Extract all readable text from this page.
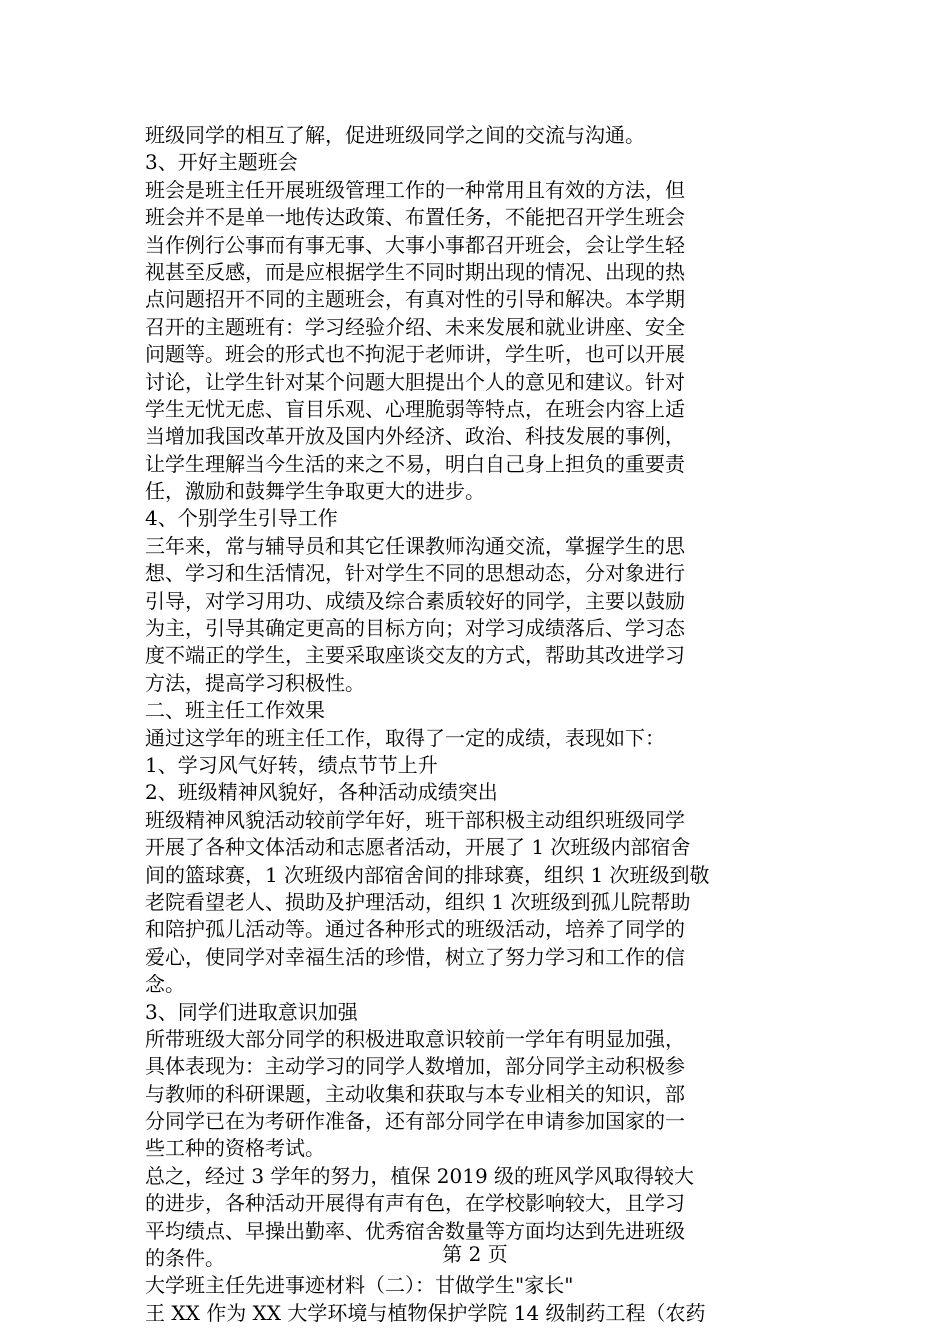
班级同学的相互了解，促进班级同学之间的交流与沟通。
3、开好主题班会
班会是班主任开展班级管理工作的一种常用且有效的方法，但
班会并不是单一地传达政策、布置任务，不能把召开学生班会
当作例行公事而有事无事、大事小事都召开班会，会让学生轻
视甚至反感，而是应根据学生不同时期出现的情况、出现的热
点问题招开不同的主题班会，有真对性的引导和解决。本学期
召开的主题班有：学习经验介绍、未来发展和就业讲座、安全
问题等。班会的形式也不拘泥于老师讲，学生听，也可以开展
讨论，让学生针对某个问题大胆提出个人的意见和建议。针对
学生无忧无虑、盲目乐观、心理脆弱等特点，在班会内容上适
当增加我国改革开放及国内外经济、政治、科技发展的事例，
让学生理解当今生活的来之不易，明白自己身上担负的重要责
任，激励和鼓舞学生争取更大的进步。
4、个别学生引导工作
三年来，常与辅导员和其它任课教师沟通交流，掌握学生的思
想、学习和生活情况，针对学生不同的思想动态，分对象进行
引导，对学习用功、成绩及综合素质较好的同学，主要以鼓励
为主，引导其确定更高的目标方向；对学习成绩落后、学习态
度不端正的学生，主要采取座谈交友的方式，帮助其改进学习
方法，提高学习积极性。
二、班主任工作效果
通过这学年的班主任工作，取得了一定的成绩，表现如下：
1、学习风气好转，绩点节节上升
2、班级精神风貌好，各种活动成绩突出
班级精神风貌活动较前学年好，班干部积极主动组织班级同学
开展了各种文体活动和志愿者活动，开展了 1 次班级内部宿舍
间的篮球赛，1 次班级内部宿舍间的排球赛，组织 1 次班级到敬
老院看望老人、损助及护理活动，组织 1 次班级到孤儿院帮助
和陪护孤儿活动等。通过各种形式的班级活动，培养了同学的
爱心，使同学对幸福生活的珍惜，树立了努力学习和工作的信
念。
3、同学们进取意识加强
所带班级大部分同学的积极进取意识较前一学年有明显加强，
具体表现为：主动学习的同学人数增加，部分同学主动积极参
与教师的科研课题，主动收集和获取与本专业相关的知识，部
分同学已在为考研作准备，还有部分同学在申请参加国家的一
些工种的资格考试。
总之，经过 3 学年的努力，植保 2019 级的班风学风取得较大
的进步，各种活动开展得有声有色，在学校影响较大，且学习
平均绩点、早操出勤率、优秀宿舍数量等方面均达到先进班级
的条件。
大学班主任先进事迹材料（二）：甘做学生"家长"
王 XX 作为 XX 大学环境与植物保护学院 14 级制药工程（农药
第 2 页
